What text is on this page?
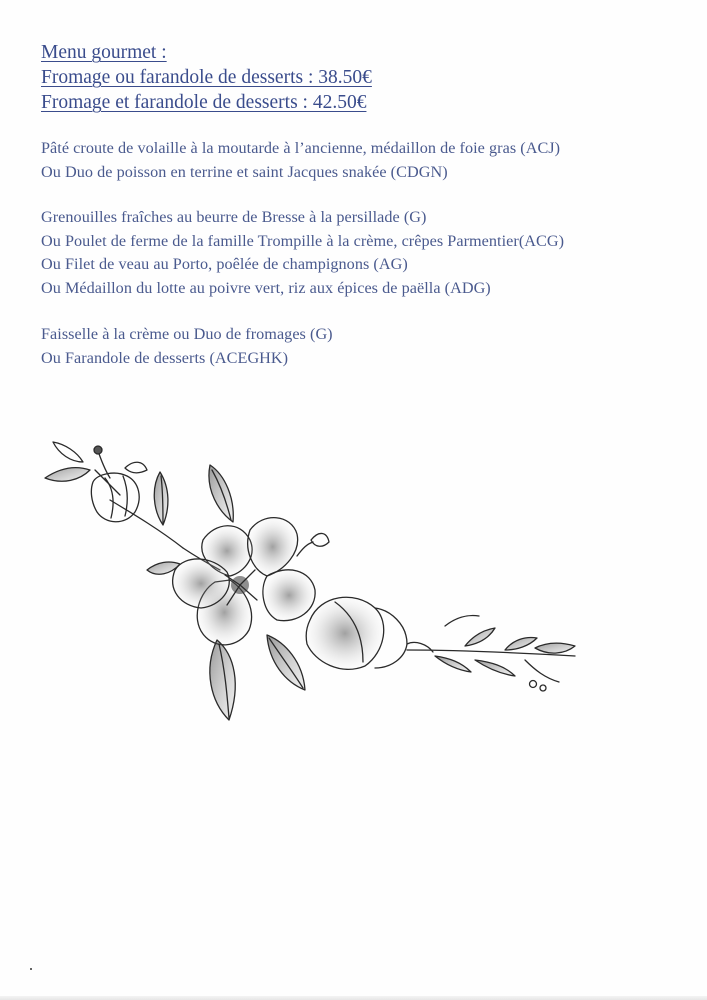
Menu gourmet :
Fromage ou farandole de desserts : 38.50€
Fromage et farandole de desserts : 42.50€
Pâté croute de volaille à la moutarde à l’ancienne, médaillon de foie gras (ACJ)
Ou Duo de poisson en terrine et saint Jacques snakée (CDGN)
Grenouilles fraîches au beurre de Bresse à la persillade (G)
Ou Poulet de ferme de la famille Trompille à la crème, crêpes Parmentier(ACG)
Ou Filet de veau au Porto, poêlée de champignons (AG)
Ou Médaillon du lotte au poivre vert, riz aux épices de paëlla (ADG)
Faisselle à la crème ou Duo de fromages (G)
Ou Farandole de desserts (ACEGHK)
